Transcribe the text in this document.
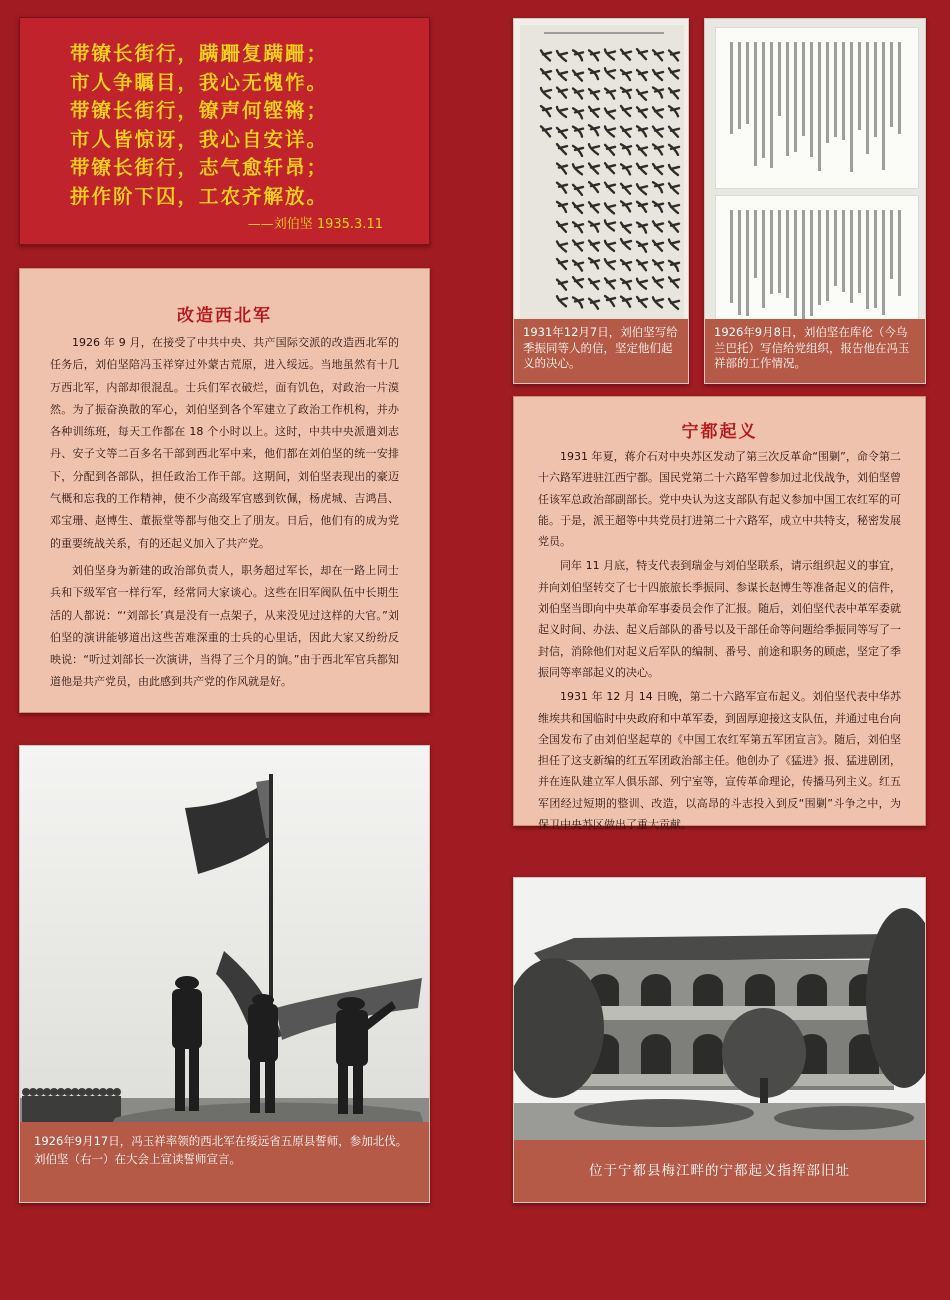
带镣长街行，蹒跚复蹒跚；
市人争瞩目，我心无愧怍。
带镣长街行，镣声何铿锵；
市人皆惊讶，我心自安详。
带镣长街行，志气愈轩昂；
拼作阶下囚，工农齐解放。
——刘伯坚 1935.3.11
改造西北军

1926 年 9 月，在接受了中共中央、共产国际交派的改造西北军的任务后，刘伯坚陪冯玉祥穿过外蒙古荒原，进入绥远。当地虽然有十几万西北军，内部却很混乱。士兵们军衣破烂，面有饥色，对政治一片漠然。为了振奋涣散的军心，刘伯坚到各个军建立了政治工作机构，并办各种训练班，每天工作都在 18 个小时以上。这时，中共中央派遣刘志丹、安子文等二百多名干部到西北军中来，他们都在刘伯坚的统一安排下，分配到各部队，担任政治工作干部。这期间，刘伯坚表现出的豪迈气概和忘我的工作精神，使不少高级军官感到钦佩，杨虎城、吉鸿昌、邓宝珊、赵博生、董振堂等都与他交上了朋友。日后，他们有的成为党的重要统战关系，有的还起义加入了共产党。

刘伯坚身为新建的政治部负责人，职务超过军长，却在一路上同士兵和下级军官一样行军，经常同大家谈心。这些在旧军阀队伍中长期生活的人都说：“‘刘部长’真是没有一点架子，从来没见过这样的大官。”刘伯坚的演讲能够道出这些苦难深重的士兵的心里话，因此大家又纷纷反映说：“听过刘部长一次演讲，当得了三个月的饷。”由于西北军官兵都知道他是共产党员，由此感到共产党的作风就是好。

1931年12月7日，刘伯坚写给季振同等人的信，坚定他们起义的决心。
1926年9月8日，刘伯坚在库伦（今乌兰巴托）写信给党组织，报告他在冯玉祥部的工作情况。
宁都起义

1931 年夏，蒋介石对中央苏区发动了第三次反革命“围剿”，命令第二十六路军进驻江西宁都。国民党第二十六路军曾参加过北伐战争，刘伯坚曾任该军总政治部副部长。党中央认为这支部队有起义参加中国工农红军的可能。于是，派王超等中共党员打进第二十六路军，成立中共特支，秘密发展党员。

同年 11 月底，特支代表到瑞金与刘伯坚联系，请示组织起义的事宜，并向刘伯坚转交了七十四旅旅长季振同、参谋长赵博生等准备起义的信件，刘伯坚当即向中央革命军事委员会作了汇报。随后，刘伯坚代表中革军委就起义时间、办法、起义后部队的番号以及干部任命等问题给季振同等写了一封信，消除他们对起义后军队的编制、番号、前途和职务的顾虑，坚定了季振同等率部起义的决心。

1931 年 12 月 14 日晚，第二十六路军宣布起义。刘伯坚代表中华苏维埃共和国临时中央政府和中革军委，到固厚迎接这支队伍，并通过电台向全国发布了由刘伯坚起草的《中国工农红军第五军团宣言》。随后，刘伯坚担任了这支新编的红五军团政治部主任。他创办了《猛进》报、猛进剧团，并在连队建立军人俱乐部、列宁室等，宣传革命理论，传播马列主义。红五军团经过短期的整训、改造，以高昂的斗志投入到反“围剿”斗争之中，为保卫中央苏区做出了重大贡献。

1926年9月17日，冯玉祥率领的西北军在绥远省五原县誓师，参加北伐。刘伯坚（右一）在大会上宣读誓师宣言。
位于宁都县梅江畔的宁都起义指挥部旧址
